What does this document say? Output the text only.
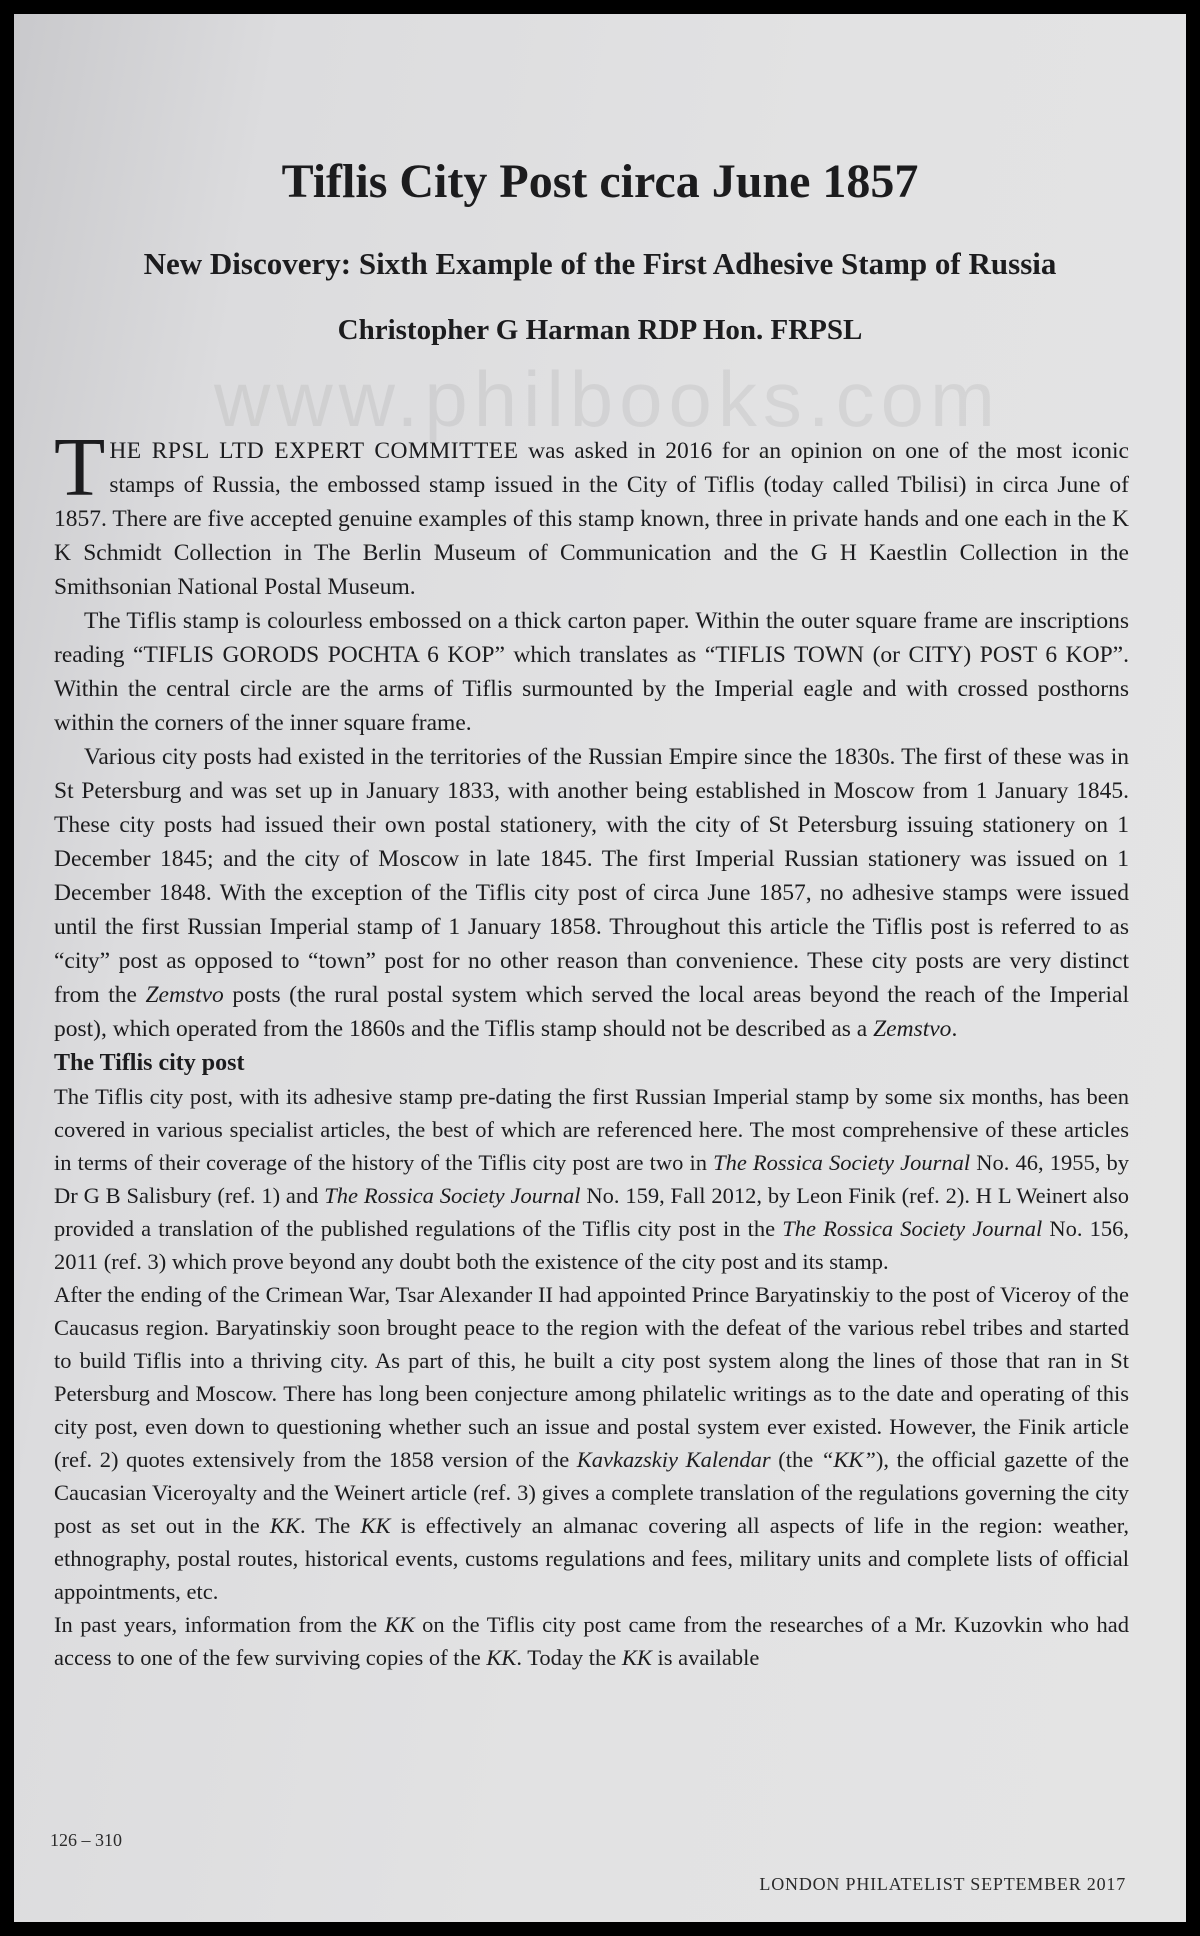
www.philbooks.com
Tiflis City Post circa June 1857
New Discovery: Sixth Example of the First Adhesive Stamp of Russia
Christopher G Harman RDP Hon. FRPSL

THE RPSL LTD EXPERT COMMITTEE was asked in 2016 for an opinion on one of the most iconic stamps of Russia, the embossed stamp issued in the City of Tiflis (today called Tbilisi) in circa June of 1857. There are five accepted genuine examples of this stamp known, three in private hands and one each in the K K Schmidt Collection in The Berlin Museum of Communication and the G H Kaestlin Collection in the Smithsonian National Postal Museum.

The Tiflis stamp is colourless embossed on a thick carton paper. Within the outer square frame are inscriptions reading “TIFLIS GORODS POCHTA 6 KOP” which translates as “TIFLIS TOWN (or CITY) POST 6 KOP”. Within the central circle are the arms of Tiflis surmounted by the Imperial eagle and with crossed posthorns within the corners of the inner square frame.

Various city posts had existed in the territories of the Russian Empire since the 1830s. The first of these was in St Petersburg and was set up in January 1833, with another being established in Moscow from 1 January 1845. These city posts had issued their own postal stationery, with the city of St Petersburg issuing stationery on 1 December 1845; and the city of Moscow in late 1845. The first Imperial Russian stationery was issued on 1 December 1848. With the exception of the Tiflis city post of circa June 1857, no adhesive stamps were issued until the first Russian Imperial stamp of 1 January 1858. Throughout this article the Tiflis post is referred to as “city” post as opposed to “town” post for no other reason than convenience. These city posts are very distinct from the Zemstvo posts (the rural postal system which served the local areas beyond the reach of the Imperial post), which operated from the 1860s and the Tiflis stamp should not be described as a Zemstvo.

The Tiflis city post

The Tiflis city post, with its adhesive stamp pre-dating the first Russian Imperial stamp by some six months, has been covered in various specialist articles, the best of which are referenced here. The most comprehensive of these articles in terms of their coverage of the history of the Tiflis city post are two in The Rossica Society Journal No. 46, 1955, by Dr G B Salisbury (ref. 1) and The Rossica Society Journal No. 159, Fall 2012, by Leon Finik (ref. 2). H L Weinert also provided a translation of the published regulations of the Tiflis city post in the The Rossica Society Journal No. 156, 2011 (ref. 3) which prove beyond any doubt both the existence of the city post and its stamp.

After the ending of the Crimean War, Tsar Alexander II had appointed Prince Baryatinskiy to the post of Viceroy of the Caucasus region. Baryatinskiy soon brought peace to the region with the defeat of the various rebel tribes and started to build Tiflis into a thriving city. As part of this, he built a city post system along the lines of those that ran in St Petersburg and Moscow. There has long been conjecture among philatelic writings as to the date and operating of this city post, even down to questioning whether such an issue and postal system ever existed. However, the Finik article (ref. 2) quotes extensively from the 1858 version of the Kavkazskiy Kalendar (the “KK”), the official gazette of the Caucasian Viceroyalty and the Weinert article (ref. 3) gives a complete translation of the regulations governing the city post as set out in the KK. The KK is effectively an almanac covering all aspects of life in the region: weather, ethnography, postal routes, historical events, customs regulations and fees, military units and complete lists of official appointments, etc.

In past years, information from the KK on the Tiflis city post came from the researches of a Mr. Kuzovkin who had access to one of the few surviving copies of the KK. Today the KK is available

126 – 310
LONDON PHILATELIST SEPTEMBER 2017
